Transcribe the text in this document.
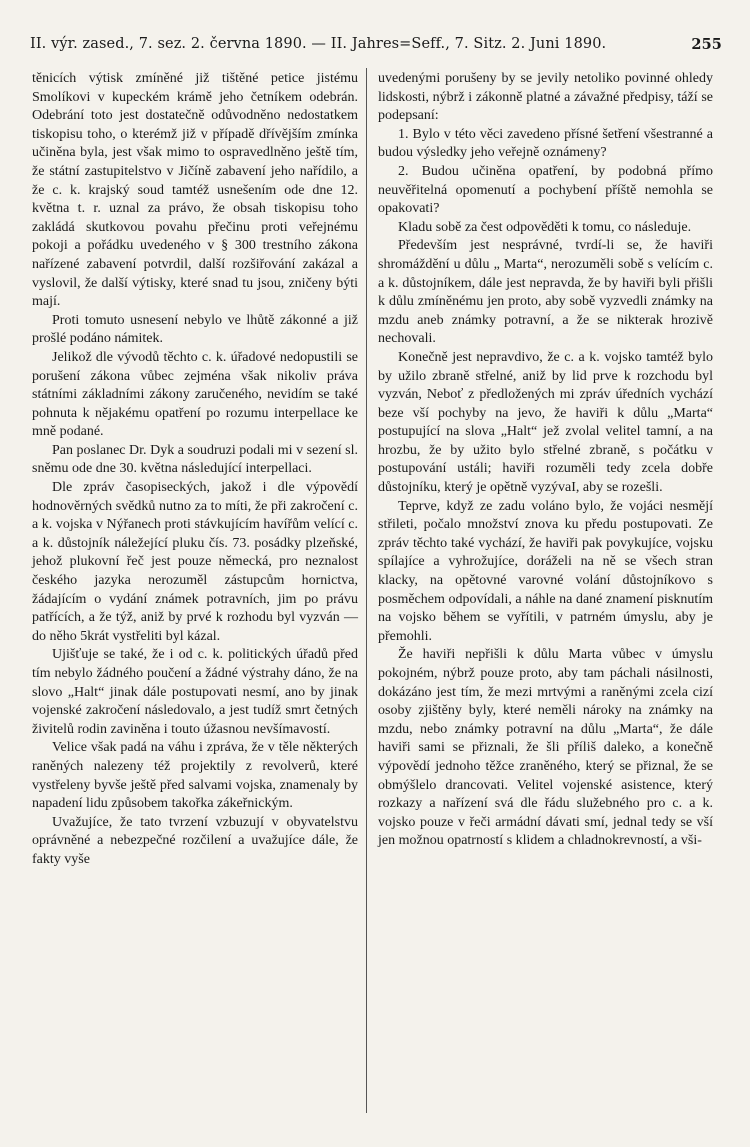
II. výr. zased., 7. sez. 2. června 1890. — II. Jahres=Seff., 7. Sitz. 2. Juni 1890.	255

těnicích výtisk zmíněné již tištěné petice jistému Smolíkovi v kupeckém krámě jeho četníkem odebrán. Odebrání toto jest dostatečně odůvodněno nedostatkem tiskopisu toho, o kterémž již v případě dřívějším zmínka učiněna byla, jest však mimo to ospravedlněno ještě tím, že státní zastupitelstvo v Jičíně zabavení jeho nařídilo, a že c. k. krajský soud tamtéž usnešením ode dne 12. května t. r. uznal za právo, že obsah tiskopisu toho zakládá skutkovou povahu přečinu proti veřejnému pokoji a pořádku uvedeného v § 300 trestního zákona nařízené zabavení potvrdil, další rozšiřování zakázal a vyslovil, že další výtisky, které snad tu jsou, zničeny býti mají.

Proti tomuto usnesení nebylo ve lhůtě zákonné a již prošlé podáno námitek.

Jelikož dle vývodů těchto c. k. úřadové nedopustili se porušení zákona vůbec zejména však nikoliv práva státními základními zákony zaručeného, nevidím se také pohnuta k nějakému opatření po rozumu interpellace ke mně podané.

Pan poslanec Dr. Dyk a soudruzi podali mi v sezení sl. sněmu ode dne 30. května následující interpellaci.

Dle zpráv časopiseckých, jakož i dle výpovědí hodnověrných svědků nutno za to míti, že při zakročení c. a k. vojska v Nýřanech proti stávkujícím havířům velící c. a k. důstojník náležející pluku čís. 73. posádky plzeňské, jehož plukovní řeč jest pouze německá, pro neznalost českého jazyka nerozuměl zástupcům hornictva, žádajícím o vydání známek potravních, jim po právu patřících, a že týž, aniž by prvé k rozhodu byl vyzván — do něho 5krát vystřeliti byl kázal.

Ujišťuje se také, že i od c. k. politických úřadů před tím nebylo žádného poučení a žádné výstrahy dáno, že na slovo „Halt“ jinak dále postupovati nesmí, ano by jinak vojenské zakročení následovalo, a jest tudíž smrt četných živitelů rodin zaviněna i touto úžasnou nevšímavostí.

Velice však padá na váhu i zpráva, že v těle některých raněných nalezeny též projektily z revolverů, které vystřeleny byvše ještě před salvami vojska, znamenaly by napadení lidu způsobem takořka zákeřnickým.

Uvažujíce, že tato tvrzení vzbuzují v obyvatelstvu oprávněné a nebezpečné rozčilení a uvažujíce dále, že fakty vyše

uvedenými porušeny by se jevily netoliko povinné ohledy lidskosti, nýbrž i zákonně platné a závažné předpisy, táží se podepsaní:

1. Bylo v této věci zavedeno přísné šetření všestranné a budou výsledky jeho veřejně oznámeny?

2. Budou učiněna opatření, by podobná přímo neuvěřitelná opomenutí a pochybení příště nemohla se opakovati?

Kladu sobě za čest odpověděti k tomu, co následuje.

Především jest nesprávné, tvrdí-li se, že haviři shromáždění u důlu „ Marta“, nerozuměli sobě s velícím c. a k. důstojníkem, dále jest nepravda, že by haviři byli přišli k důlu zmíněnému jen proto, aby sobě vyzvedli známky na mzdu aneb známky potravní, a že se nikterak hrozivě nechovali.

Konečně jest nepravdivo, že c. a k. vojsko tamtéž bylo by užilo zbraně střelné, aniž by lid prve k rozchodu byl vyzván, Neboť z předložených mi zpráv úředních vychází beze vší pochyby na jevo, že haviři k důlu „Marta“ postupující na slova „Halt“ jež zvolal velitel tamní, a na hrozbu, že by užito bylo střelné zbraně, s počátku v postupování ustáli; haviři rozuměli tedy zcela dobře důstojníku, který je opětně vyzývaI, aby se rozešli.

Teprve, když ze zadu voláno bylo, že vojáci nesmějí střileti, počalo množství znova ku předu postupovati. Ze zpráv těchto také vychází, že haviři pak povykujíce, vojsku spílajíce a vyhrožujíce, doráželi na ně se všech stran klacky, na opětovné varovné volání důstojníkovo s posměchem odpovídali, a náhle na dané znamení pisknutím na vojsko během se vyřítili, v patrném úmyslu, aby je přemohli.

Že haviři nepřišli k důlu Marta vůbec v úmyslu pokojném, nýbrž pouze proto, aby tam páchali násilnosti, dokázáno jest tím, že mezi mrtvými a raněnými zcela cizí osoby zjištěny byly, které neměli nároky na známky na mzdu, nebo známky potravní na důlu „Marta“, že dále haviři sami se přiznali, že šli příliš daleko, a konečně výpovědí jednoho těžce zraněného, který se přiznal, že se obmýšlelo drancovati. Velitel vojenské asistence, který rozkazy a nařízení svá dle řádu služebného pro c. a k. vojsko pouze v řeči armádní dávati smí, jednal tedy se vší jen možnou opatrností s klidem a chladnokrevností, a vši-
